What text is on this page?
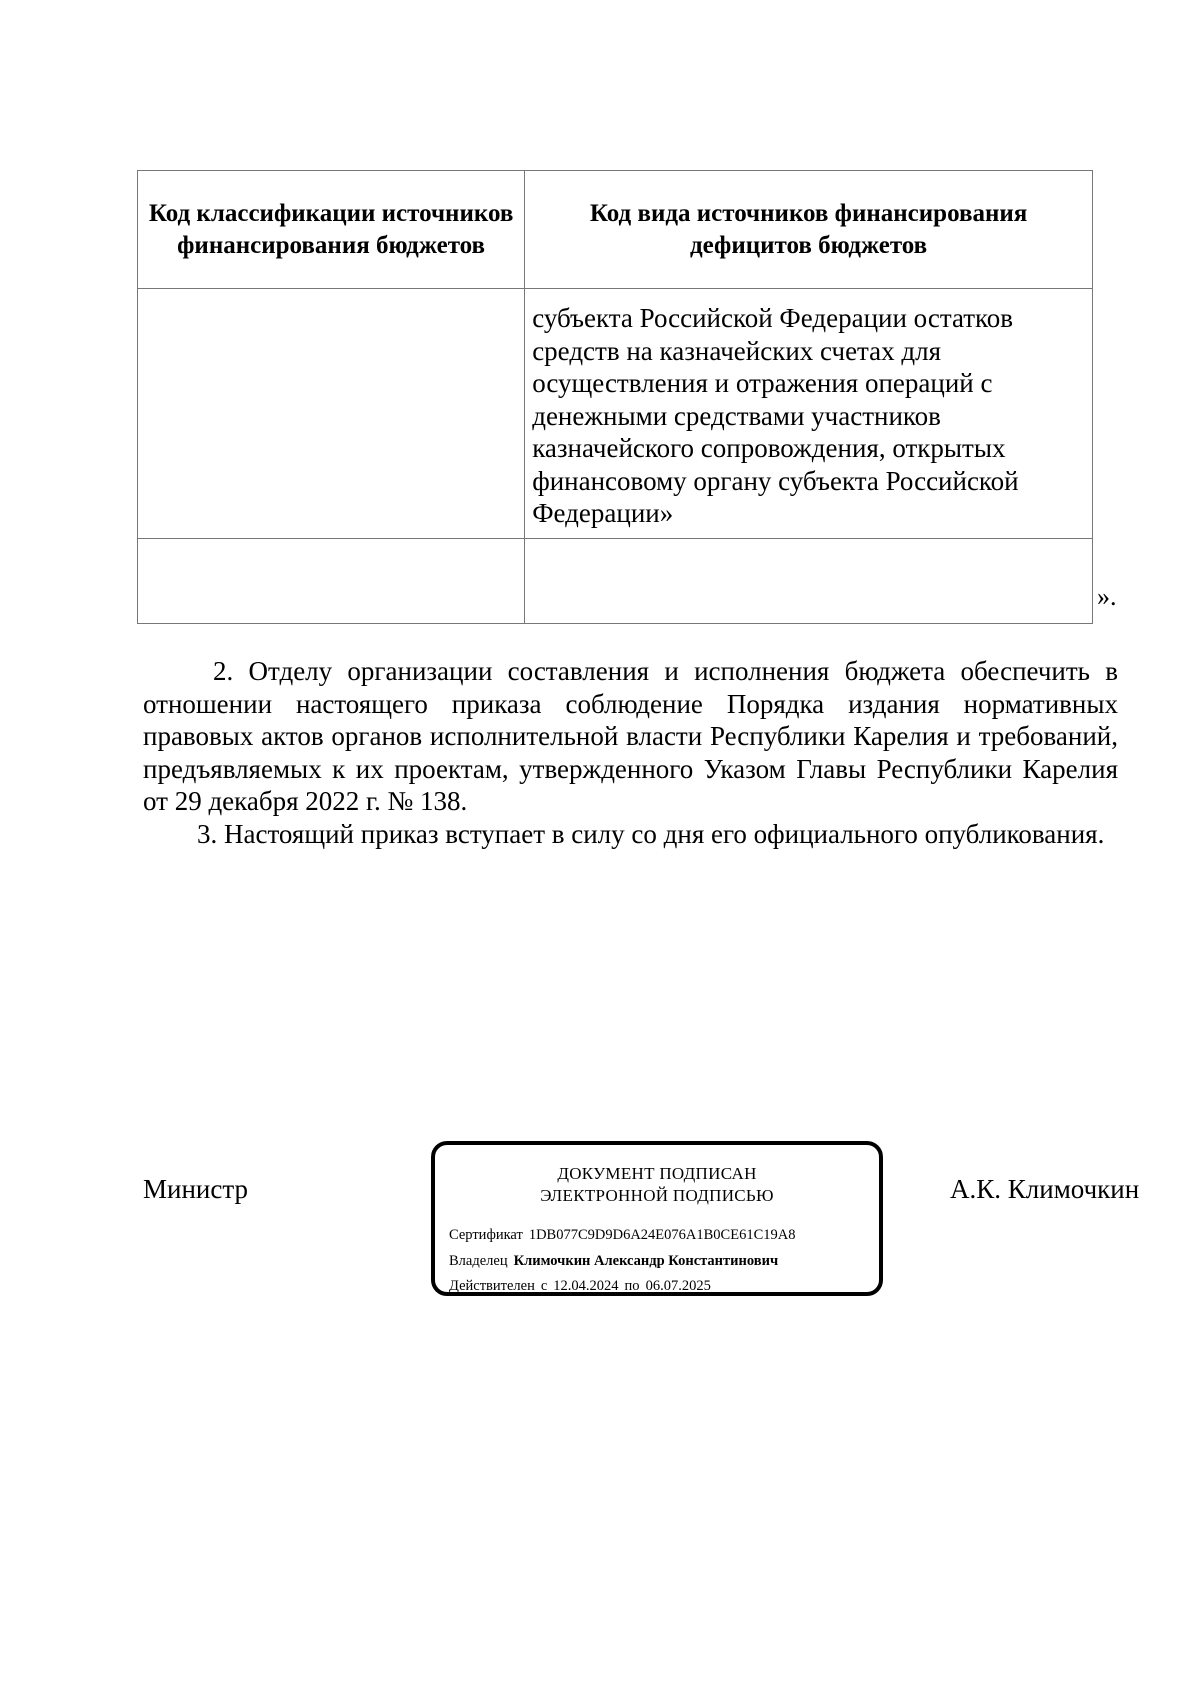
Код классификации источников финансирования бюджетов	Код вида источников финансирования дефицитов бюджетов

	субъекта Российской Федерации остатков средств на казначейских счетах для осуществления и отражения операций с денежными средствами участников казначейского сопровождения, открытых финансовому органу субъекта Российской Федерации»

».
2. Отделу организации составления и исполнения бюджета обеспечить в отношении настоящего приказа соблюдение Порядка издания нормативных правовых актов органов исполнительной власти Республики Карелия и требований, предъявляемых к их проектам, утвержденного Указом Главы Республики Карелия от 29 декабря 2022 г. № 138.
3. Настоящий приказ вступает в силу со дня его официального опубликования.
Министр
ДОКУМЕНТ ПОДПИСАН
ЭЛЕКТРОННОЙ ПОДПИСЬЮ
Сертификат 1DB077C9D9D6A24E076A1B0CE61C19A8
Владелец Климочкин Александр Константинович
Действителен с 12.04.2024 по 06.07.2025
А.К. Климочкин
